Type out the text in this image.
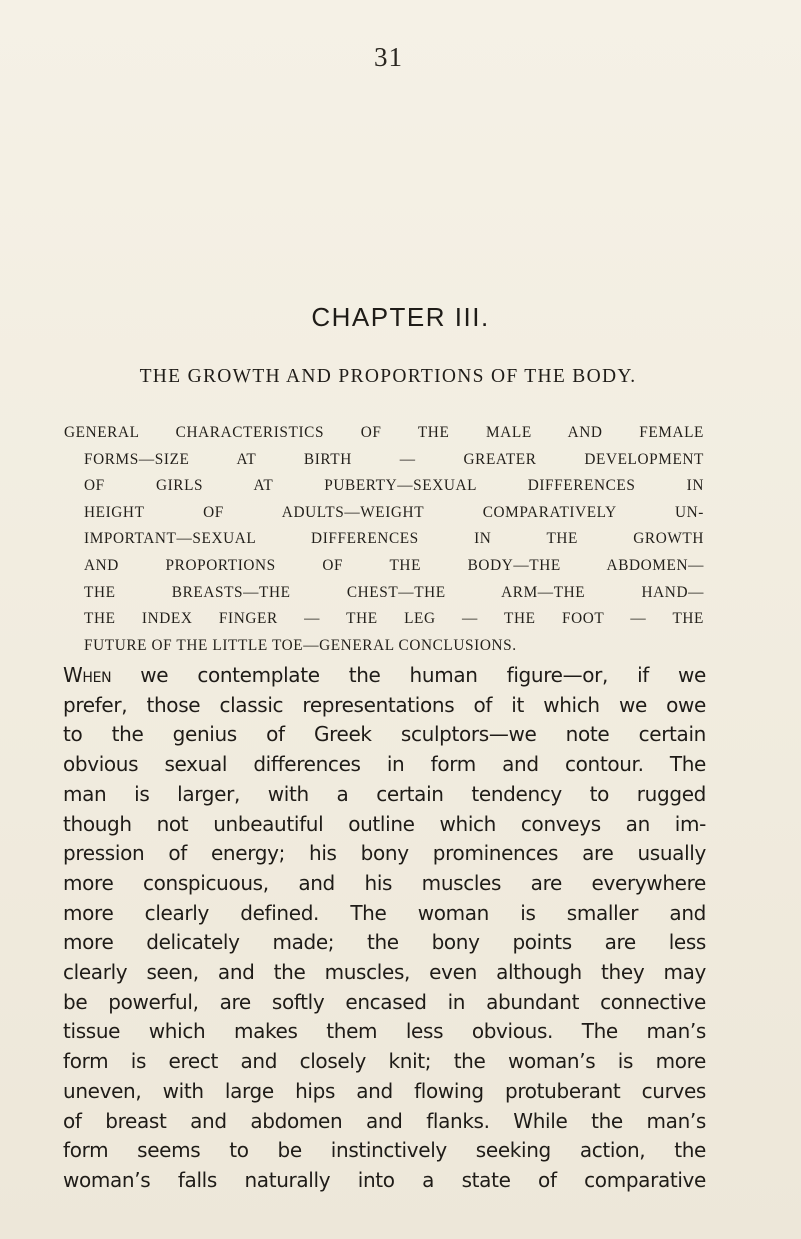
31
CHAPTER III.
THE GROWTH AND PROPORTIONS OF THE BODY.
GENERAL CHARACTERISTICS OF THE MALE AND FEMALE
FORMS—SIZE AT BIRTH — GREATER DEVELOPMENT
OF GIRLS AT PUBERTY—SEXUAL DIFFERENCES IN
HEIGHT OF ADULTS—WEIGHT COMPARATIVELY UN-
IMPORTANT—SEXUAL DIFFERENCES IN THE GROWTH
AND PROPORTIONS OF THE BODY—THE ABDOMEN—
THE BREASTS—THE CHEST—THE ARM—THE HAND—
THE INDEX FINGER — THE LEG — THE FOOT — THE
FUTURE OF THE LITTLE TOE—GENERAL CONCLUSIONS.
When we contemplate the human figure—or, if we
prefer, those classic representations of it which we owe
to the genius of Greek sculptors—we note certain
obvious sexual differences in form and contour. The
man is larger, with a certain tendency to rugged
though not unbeautiful outline which conveys an im-
pression of energy; his bony prominences are usually
more conspicuous, and his muscles are everywhere
more clearly defined. The woman is smaller and
more delicately made; the bony points are less
clearly seen, and the muscles, even although they may
be powerful, are softly encased in abundant connective
tissue which makes them less obvious. The man’s
form is erect and closely knit; the woman’s is more
uneven, with large hips and flowing protuberant curves
of breast and abdomen and flanks. While the man’s
form seems to be instinctively seeking action, the
woman’s falls naturally into a state of comparative
